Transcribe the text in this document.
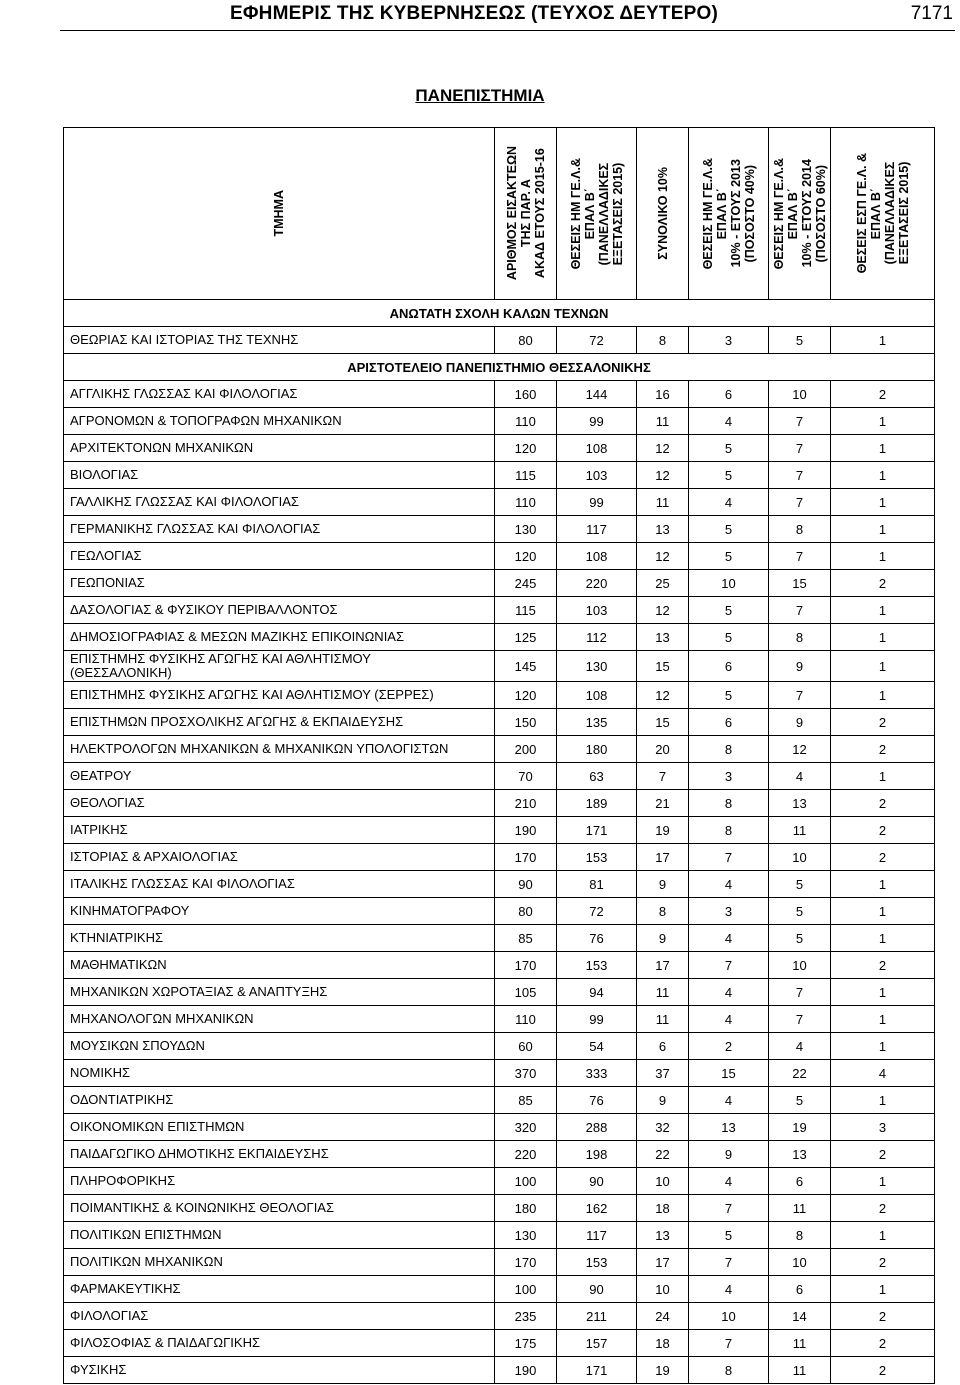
ΕΦΗΜΕΡΙΣ ΤΗΣ ΚΥΒΕΡΝΗΣΕΩΣ (ΤΕΥΧΟΣ ΔΕΥΤΕΡΟ)	7171
ΠΑΝΕΠΙΣΤΗΜΙΑ
ΤΜΗΜΑ	ΑΡΙΘΜΟΣ ΕΙΣΑΚΤΕΩΝ ΤΗΣ ΠΑΡ. Α ΑΚΑΔ ΕΤΟΥΣ 2015-16	ΘΕΣΕΙΣ ΗΜ ΓΕ.Λ.& ΕΠΑΛ Β΄ (ΠΑΝΕΛΛΑΔΙΚΕΣ ΕΞΕΤΑΣΕΙΣ 2015)	ΣΥΝΟΛΙΚΟ 10%	ΘΕΣΕΙΣ ΗΜ ΓΕ.Λ.& ΕΠΑΛ Β΄ 10% - ΕΤΟΥΣ 2013 (ΠΟΣΟΣΤΟ 40%)	ΘΕΣΕΙΣ ΗΜ ΓΕ.Λ.& ΕΠΑΛ Β΄ 10% - ΕΤΟΥΣ 2014 (ΠΟΣΟΣΤΟ 60%)	ΘΕΣΕΙΣ ΕΣΠ ΓΕ.Λ. & ΕΠΑΛ Β΄ (ΠΑΝΕΛΛΑΔΙΚΕΣ ΕΞΕΤΑΣΕΙΣ 2015)

ΑΝΩΤΑΤΗ ΣΧΟΛΗ ΚΑΛΩΝ ΤΕΧΝΩΝ						
ΘΕΩΡΙΑΣ ΚΑΙ ΙΣΤΟΡΙΑΣ ΤΗΣ ΤΕΧΝΗΣ	80	72	8	3	5	1
ΑΡΙΣΤΟΤΕΛΕΙΟ ΠΑΝΕΠΙΣΤΗΜΙΟ ΘΕΣΣΑΛΟΝΙΚΗΣ						
ΑΓΓΛΙΚΗΣ ΓΛΩΣΣΑΣ ΚΑΙ ΦΙΛΟΛΟΓΙΑΣ	160	144	16	6	10	2
ΑΓΡΟΝΟΜΩΝ & ΤΟΠΟΓΡΑΦΩΝ ΜΗΧΑΝΙΚΩΝ	110	99	11	4	7	1
ΑΡΧΙΤΕΚΤΟΝΩΝ ΜΗΧΑΝΙΚΩΝ	120	108	12	5	7	1
ΒΙΟΛΟΓΙΑΣ	115	103	12	5	7	1
ΓΑΛΛΙΚΗΣ ΓΛΩΣΣΑΣ ΚΑΙ ΦΙΛΟΛΟΓΙΑΣ	110	99	11	4	7	1
ΓΕΡΜΑΝΙΚΗΣ ΓΛΩΣΣΑΣ ΚΑΙ ΦΙΛΟΛΟΓΙΑΣ	130	117	13	5	8	1
ΓΕΩΛΟΓΙΑΣ	120	108	12	5	7	1
ΓΕΩΠΟΝΙΑΣ	245	220	25	10	15	2
ΔΑΣΟΛΟΓΙΑΣ & ΦΥΣΙΚΟΥ ΠΕΡΙΒΑΛΛΟΝΤΟΣ	115	103	12	5	7	1
ΔΗΜΟΣΙΟΓΡΑΦΙΑΣ & ΜΕΣΩΝ ΜΑΖΙΚΗΣ ΕΠΙΚΟΙΝΩΝΙΑΣ	125	112	13	5	8	1
ΕΠΙΣΤΗΜΗΣ ΦΥΣΙΚΗΣ ΑΓΩΓΗΣ ΚΑΙ ΑΘΛΗΤΙΣΜΟΥ
(ΘΕΣΣΑΛΟΝΙΚΗ)	145	130	15	6	9	1
ΕΠΙΣΤΗΜΗΣ ΦΥΣΙΚΗΣ ΑΓΩΓΗΣ ΚΑΙ ΑΘΛΗΤΙΣΜΟΥ (ΣΕΡΡΕΣ)	120	108	12	5	7	1
ΕΠΙΣΤΗΜΩΝ ΠΡΟΣΧΟΛΙΚΗΣ ΑΓΩΓΗΣ & ΕΚΠΑΙΔΕΥΣΗΣ	150	135	15	6	9	2
ΗΛΕΚΤΡΟΛΟΓΩΝ ΜΗΧΑΝΙΚΩΝ & ΜΗΧΑΝΙΚΩΝ ΥΠΟΛΟΓΙΣΤΩΝ	200	180	20	8	12	2
ΘΕΑΤΡΟΥ	70	63	7	3	4	1
ΘΕΟΛΟΓΙΑΣ	210	189	21	8	13	2
ΙΑΤΡΙΚΗΣ	190	171	19	8	11	2
ΙΣΤΟΡΙΑΣ & ΑΡΧΑΙΟΛΟΓΙΑΣ	170	153	17	7	10	2
ΙΤΑΛΙΚΗΣ ΓΛΩΣΣΑΣ ΚΑΙ ΦΙΛΟΛΟΓΙΑΣ	90	81	9	4	5	1
ΚΙΝΗΜΑΤΟΓΡΑΦΟΥ	80	72	8	3	5	1
ΚΤΗΝΙΑΤΡΙΚΗΣ	85	76	9	4	5	1
ΜΑΘΗΜΑΤΙΚΩΝ	170	153	17	7	10	2
ΜΗΧΑΝΙΚΩΝ ΧΩΡΟΤΑΞΙΑΣ & ΑΝΑΠΤΥΞΗΣ	105	94	11	4	7	1
ΜΗΧΑΝΟΛΟΓΩΝ ΜΗΧΑΝΙΚΩΝ	110	99	11	4	7	1
ΜΟΥΣΙΚΩΝ ΣΠΟΥΔΩΝ	60	54	6	2	4	1
ΝΟΜΙΚΗΣ	370	333	37	15	22	4
ΟΔΟΝΤΙΑΤΡΙΚΗΣ	85	76	9	4	5	1
ΟΙΚΟΝΟΜΙΚΩΝ ΕΠΙΣΤΗΜΩΝ	320	288	32	13	19	3
ΠΑΙΔΑΓΩΓΙΚΟ ΔΗΜΟΤΙΚΗΣ ΕΚΠΑΙΔΕΥΣΗΣ	220	198	22	9	13	2
ΠΛΗΡΟΦΟΡΙΚΗΣ	100	90	10	4	6	1
ΠΟΙΜΑΝΤΙΚΗΣ & ΚΟΙΝΩΝΙΚΗΣ ΘΕΟΛΟΓΙΑΣ	180	162	18	7	11	2
ΠΟΛΙΤΙΚΩΝ ΕΠΙΣΤΗΜΩΝ	130	117	13	5	8	1
ΠΟΛΙΤΙΚΩΝ ΜΗΧΑΝΙΚΩΝ	170	153	17	7	10	2
ΦΑΡΜΑΚΕΥΤΙΚΗΣ	100	90	10	4	6	1
ΦΙΛΟΛΟΓΙΑΣ	235	211	24	10	14	2
ΦΙΛΟΣΟΦΙΑΣ & ΠΑΙΔΑΓΩΓΙΚΗΣ	175	157	18	7	11	2
ΦΥΣΙΚΗΣ	190	171	19	8	11	2
